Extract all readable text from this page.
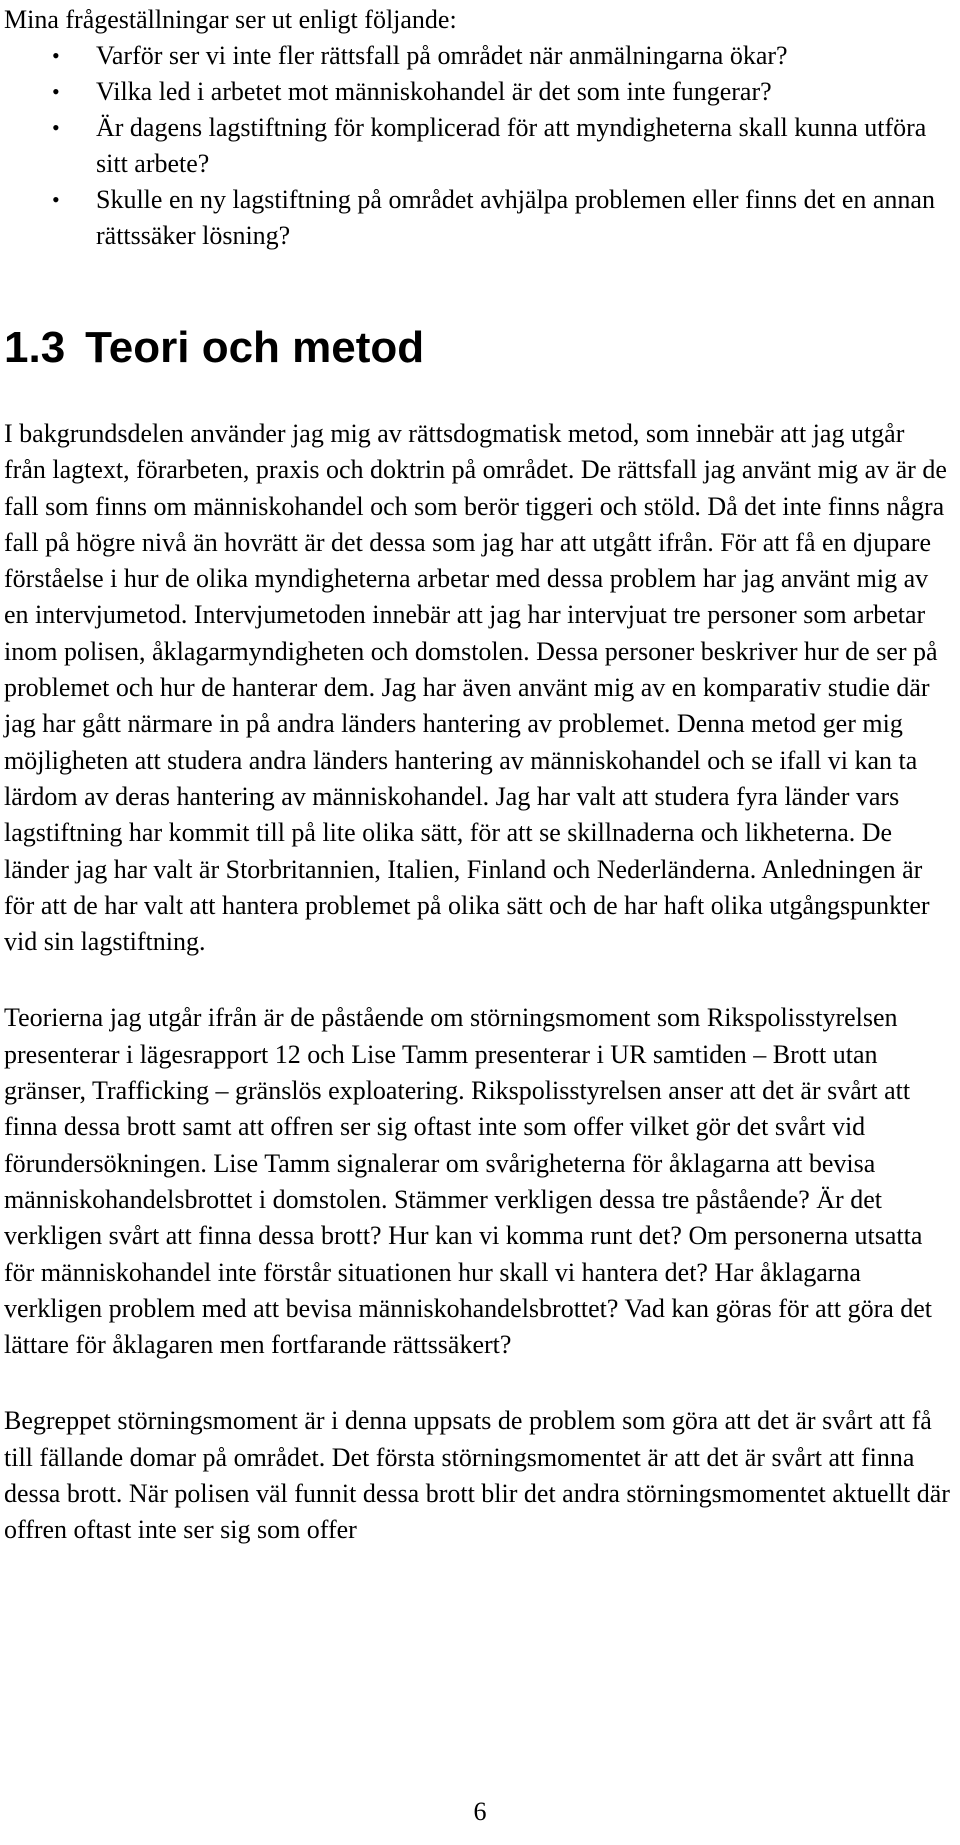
Mina frågeställningar ser ut enligt följande:

• Varför ser vi inte fler rättsfall på området när anmälningarna ökar?
• Vilka led i arbetet mot människohandel är det som inte fungerar?
• Är dagens lagstiftning för komplicerad för att myndigheterna skall kunna utföra sitt arbete?
• Skulle en ny lagstiftning på området avhjälpa problemen eller finns det en annan rättssäker lösning?
1.3 Teori och metod

I bakgrundsdelen använder jag mig av rättsdogmatisk metod, som innebär att jag utgår från lagtext, förarbeten, praxis och doktrin på området. De rättsfall jag använt mig av är de fall som finns om människohandel och som berör tiggeri och stöld. Då det inte finns några fall på högre nivå än hovrätt är det dessa som jag har att utgått ifrån. För att få en djupare förståelse i hur de olika myndigheterna arbetar med dessa problem har jag använt mig av en intervjumetod. Intervjumetoden innebär att jag har intervjuat tre personer som arbetar inom polisen, åklagarmyndigheten och domstolen. Dessa personer beskriver hur de ser på problemet och hur de hanterar dem. Jag har även använt mig av en komparativ studie där jag har gått närmare in på andra länders hantering av problemet. Denna metod ger mig möjligheten att studera andra länders hantering av människohandel och se ifall vi kan ta lärdom av deras hantering av människohandel. Jag har valt att studera fyra länder vars lagstiftning har kommit till på lite olika sätt, för att se skillnaderna och likheterna. De länder jag har valt är Storbritannien, Italien, Finland och Nederländerna. Anledningen är för att de har valt att hantera problemet på olika sätt och de har haft olika utgångspunkter vid sin lagstiftning.

Teorierna jag utgår ifrån är de påstående om störningsmoment som Rikspolisstyrelsen presenterar i lägesrapport 12 och Lise Tamm presenterar i UR samtiden – Brott utan gränser, Trafficking – gränslös exploatering. Rikspolisstyrelsen anser att det är svårt att finna dessa brott samt att offren ser sig oftast inte som offer vilket gör det svårt vid förundersökningen. Lise Tamm signalerar om svårigheterna för åklagarna att bevisa människohandelsbrottet i domstolen. Stämmer verkligen dessa tre påstående? Är det verkligen svårt att finna dessa brott? Hur kan vi komma runt det? Om personerna utsatta för människohandel inte förstår situationen hur skall vi hantera det? Har åklagarna verkligen problem med att bevisa människohandelsbrottet? Vad kan göras för att göra det lättare för åklagaren men fortfarande rättssäkert?

Begreppet störningsmoment är i denna uppsats de problem som göra att det är svårt att få till fällande domar på området. Det första störningsmomentet är att det är svårt att finna dessa brott. När polisen väl funnit dessa brott blir det andra störningsmomentet aktuellt där offren oftast inte ser sig som offer

6
